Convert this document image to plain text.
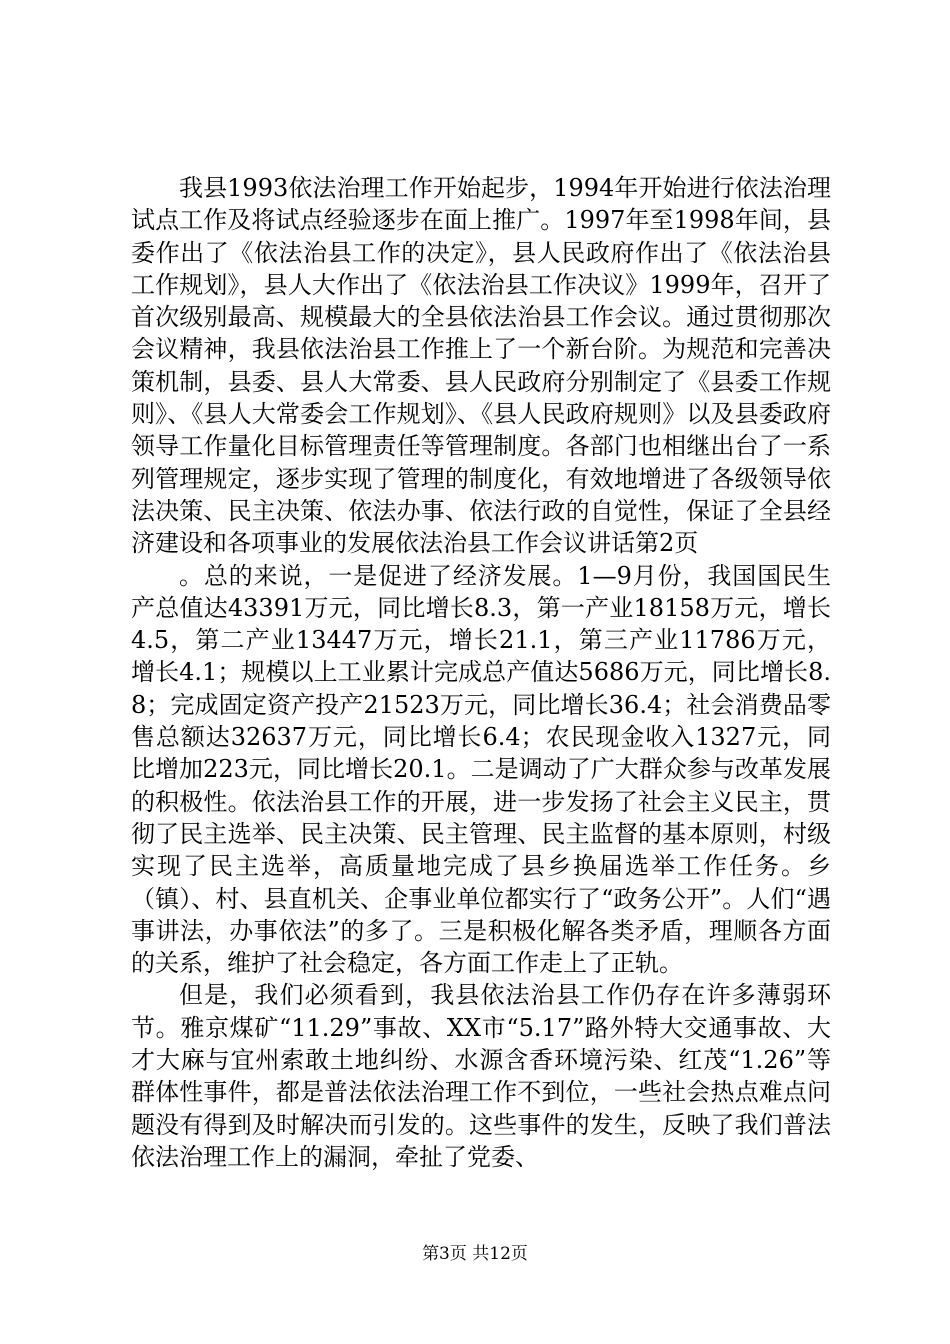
我县1993依法治理工作开始起步，1994年开始进行依法治理试点工作及将试点经验逐步在面上推广。1997年至1998年间，县委作出了《依法治县工作的决定》，县人民政府作出了《依法治县工作规划》，县人大作出了《依法治县工作决议》1999年，召开了首次级别最高、规模最大的全县依法治县工作会议。通过贯彻那次会议精神，我县依法治县工作推上了一个新台阶。为规范和完善决策机制，县委、县人大常委、县人民政府分别制定了《县委工作规则》、《县人大常委会工作规划》、《县人民政府规则》以及县委政府领导工作量化目标管理责任等管理制度。各部门也相继出台了一系列管理规定，逐步实现了管理的制度化，有效地增进了各级领导依法决策、民主决策、依法办事、依法行政的自觉性，保证了全县经济建设和各项事业的发展依法治县工作会议讲话第2页

。总的来说，一是促进了经济发展。1—9月份，我国国民生产总值达43391万元，同比增长8.3，第一产业18158万元，增长4.5，第二产业13447万元，增长21.1，第三产业11786万元，增长4.1；规模以上工业累计完成总产值达5686万元，同比增长8.8；完成固定资产投产21523万元，同比增长36.4；社会消费品零售总额达32637万元，同比增长6.4；农民现金收入1327元，同比增加223元，同比增长20.1。二是调动了广大群众参与改革发展的积极性。依法治县工作的开展，进一步发扬了社会主义民主，贯彻了民主选举、民主决策、民主管理、民主监督的基本原则，村级实现了民主选举，高质量地完成了县乡换届选举工作任务。乡（镇）、村、县直机关、企事业单位都实行了“政务公开”。人们“遇事讲法，办事依法”的多了。三是积极化解各类矛盾，理顺各方面的关系，维护了社会稳定，各方面工作走上了正轨。

但是，我们必须看到，我县依法治县工作仍存在许多薄弱环节。雅京煤矿“11.29”事故、XX市“5.17”路外特大交通事故、大才大麻与宜州索敢土地纠纷、水源含香环境污染、红茂“1.26”等群体性事件，都是普法依法治理工作不到位，一些社会热点难点问题没有得到及时解决而引发的。这些事件的发生，反映了我们普法依法治理工作上的漏洞，牵扯了党委、

第3页 共12页
